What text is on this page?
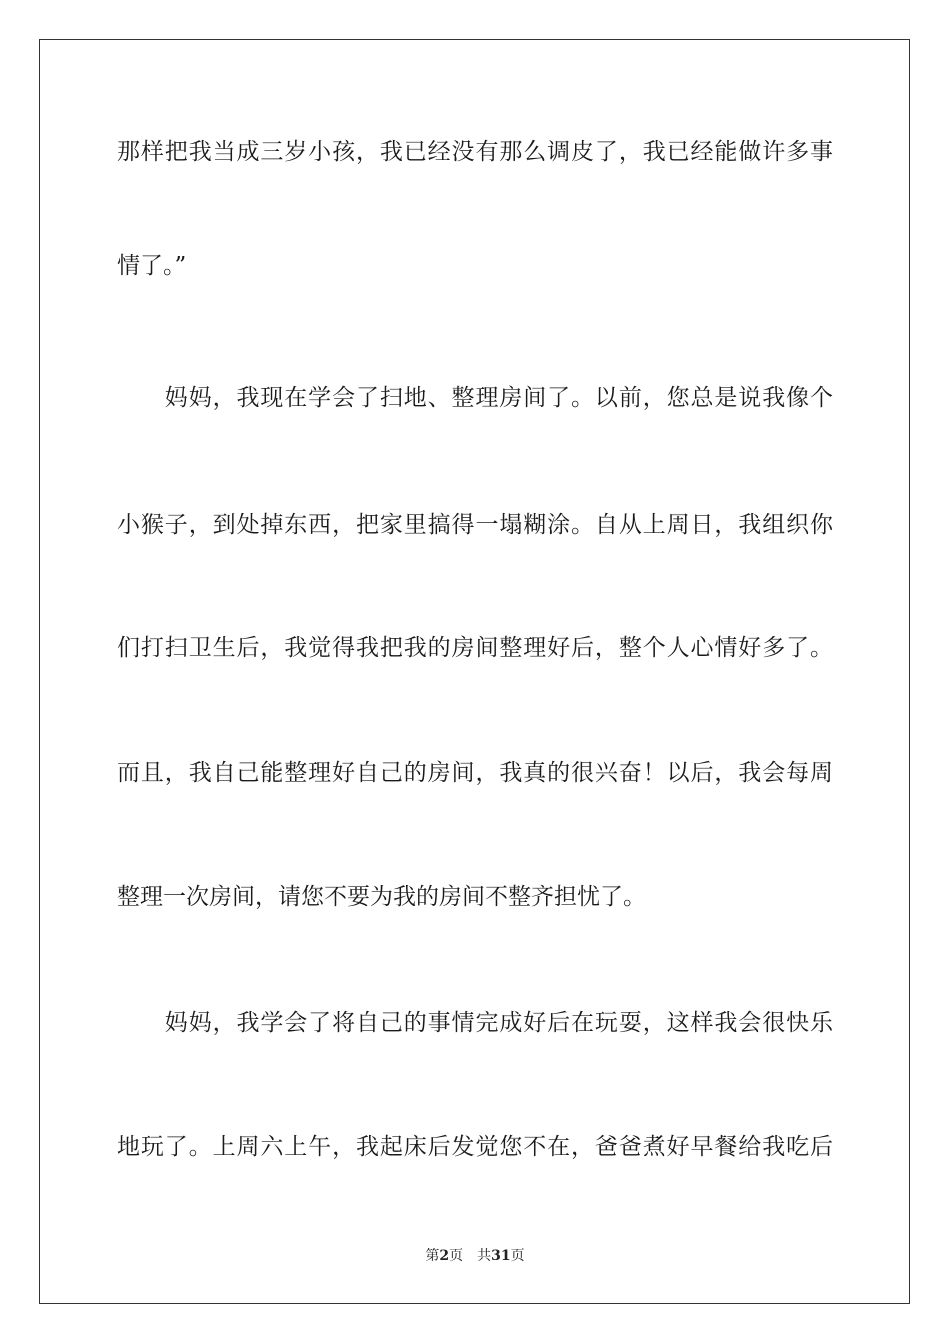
那样把我当成三岁小孩，我已经没有那么调皮了，我已经能做许多事
情了。”
　　妈妈，我现在学会了扫地、整理房间了。以前，您总是说我像个
小猴子，到处掉东西，把家里搞得一塌糊涂。自从上周日，我组织你
们打扫卫生后，我觉得我把我的房间整理好后，整个人心情好多了。
而且，我自己能整理好自己的房间，我真的很兴奋！以后，我会每周
整理一次房间，请您不要为我的房间不整齐担忧了。
　　妈妈，我学会了将自己的事情完成好后在玩耍，这样我会很快乐
地玩了。上周六上午，我起床后发觉您不在，爸爸煮好早餐给我吃后
第2页 共31页
